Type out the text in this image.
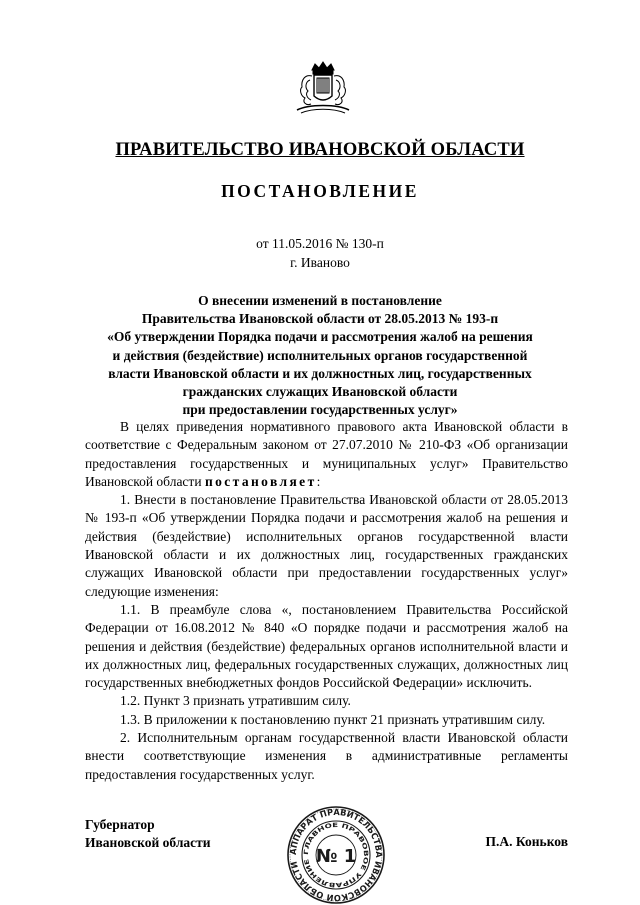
ПРАВИТЕЛЬСТВО ИВАНОВСКОЙ ОБЛАСТИ
ПОСТАНОВЛЕНИЕ
от 11.05.2016 № 130-п
г. Иваново
О внесении изменений в постановление
Правительства Ивановской области от 28.05.2013 № 193-п
«Об утверждении Порядка подачи и рассмотрения жалоб на решения
и действия (бездействие) исполнительных органов государственной
власти Ивановской области и их должностных лиц, государственных
гражданских служащих Ивановской области
при предоставлении государственных услуг»

В целях приведения нормативного правового акта Ивановской области в соответствие с Федеральным законом от 27.07.2010 № 210-ФЗ «Об организации предоставления государственных и муниципальных услуг» Правительство Ивановской области постановляет:

1. Внести в постановление Правительства Ивановской области от 28.05.2013 № 193-п «Об утверждении Порядка подачи и рассмотрения жалоб на решения и действия (бездействие) исполнительных органов государственной власти Ивановской области и их должностных лиц, государственных гражданских служащих Ивановской области при предоставлении государственных услуг» следующие изменения:

1.1. В преамбуле слова «, постановлением Правительства Российской Федерации от 16.08.2012 № 840 «О порядке подачи и рассмотрения жалоб на решения и действия (бездействие) федеральных органов исполнительной власти и их должностных лиц, федеральных государственных служащих, должностных лиц государственных внебюджетных фондов Российской Федерации» исключить.

1.2. Пункт 3 признать утратившим силу.

1.3. В приложении к постановлению пункт 21 признать утратившим силу.

2. Исполнительным органам государственной власти Ивановской области внести соответствующие изменения в административные регламенты предоставления государственных услуг.

Губернатор
Ивановской области	П.А. Коньков
АППАРАТ ПРАВИТЕЛЬСТВА ИВАНОВСКОЙ ОБЛАСТИ
ГЛАВНОЕ ПРАВОВОЕ УПРАВЛЕНИЕ № 1
